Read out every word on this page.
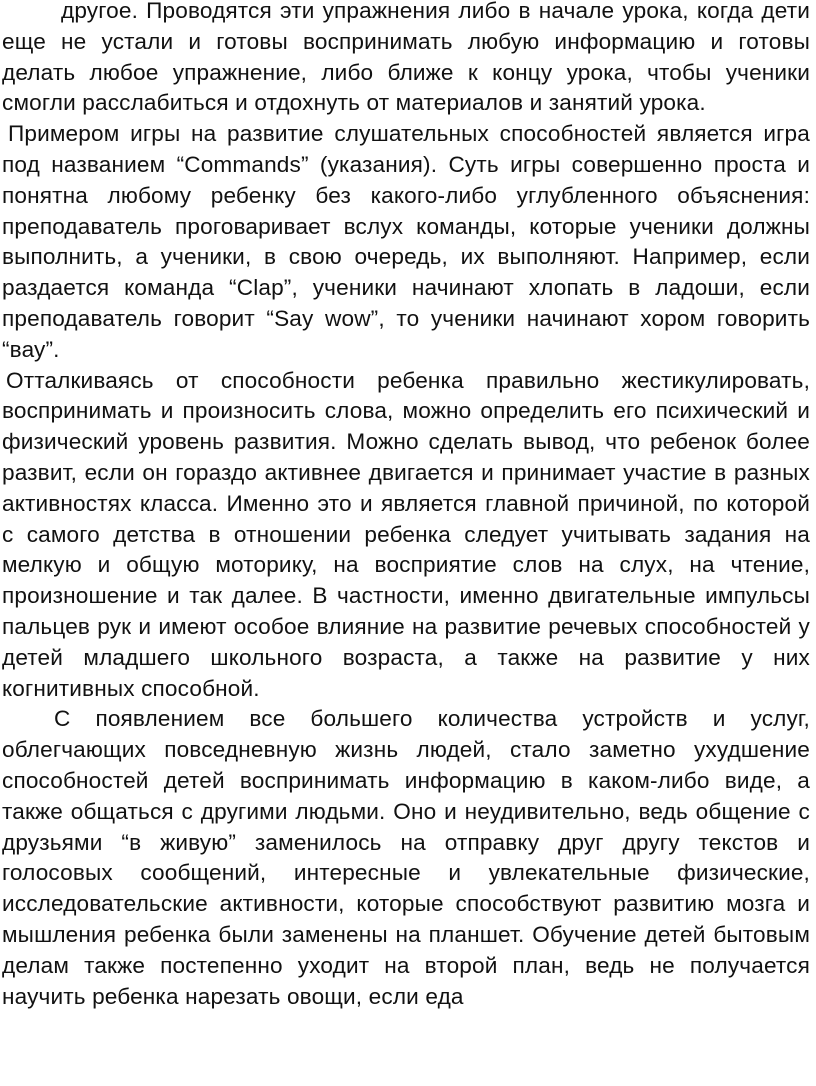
другое. Проводятся эти упражнения либо в начале урока, когда дети еще не устали и готовы воспринимать любую информацию и готовы делать любое упражнение, либо ближе к концу урока, чтобы ученики смогли расслабиться и отдохнуть от материалов и занятий урока.

Примером игры на развитие слушательных способностей является игра под названием “Commands” (указания). Суть игры совершенно проста и понятна любому ребенку без какого-либо углубленного объяснения: преподаватель проговаривает вслух команды, которые ученики должны выполнить, а ученики, в свою очередь, их выполняют. Например, если раздается команда “Clap”, ученики начинают хлопать в ладоши, если преподаватель говорит “Say wow”, то ученики начинают хором говорить “вау”.

Отталкиваясь от способности ребенка правильно жестикулировать, воспринимать и произносить слова, можно определить его психический и физический уровень развития. Можно сделать вывод, что ребенок более развит, если он гораздо активнее двигается и принимает участие в разных активностях класса. Именно это и является главной причиной, по которой с самого детства в отношении ребенка следует учитывать задания на мелкую и общую моторику, на восприятие слов на слух, на чтение, произношение и так далее. В частности, именно двигательные импульсы пальцев рук и имеют особое влияние на развитие речевых способностей у детей младшего школьного возраста, а также на развитие у них когнитивных способной.

С появлением все большего количества устройств и услуг, облегчающих повседневную жизнь людей, стало заметно ухудшение способностей детей воспринимать информацию в каком-либо виде, а также общаться с другими людьми. Оно и неудивительно, ведь общение с друзьями “в живую” заменилось на отправку друг другу текстов и голосовых сообщений, интересные и увлекательные физические, исследовательские активности, которые способствуют развитию мозга и мышления ребенка были заменены на планшет. Обучение детей бытовым делам также постепенно уходит на второй план, ведь не получается научить ребенка нарезать овощи, если еда
